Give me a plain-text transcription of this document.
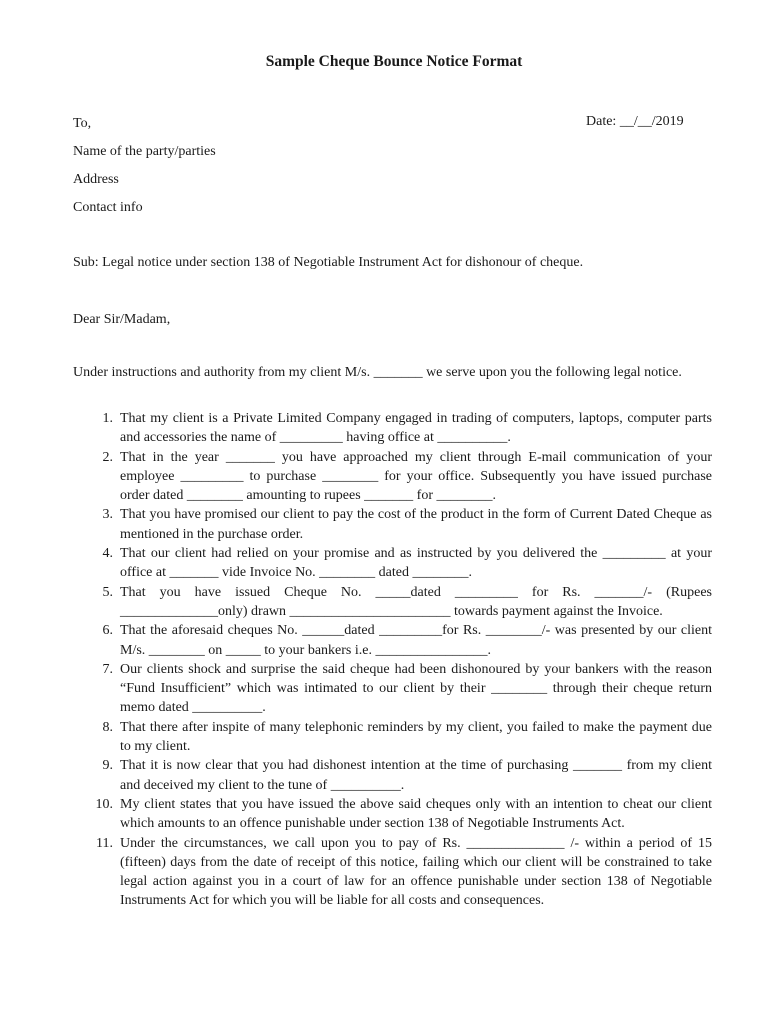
Sample Cheque Bounce Notice Format
To,	Date: __/__/2019
Name of the party/parties
Address
Contact info
Sub: Legal notice under section 138 of Negotiable Instrument Act for dishonour of cheque.
Dear Sir/Madam,
Under instructions and authority from my client M/s. _______ we serve upon you the following legal notice.
1. That my client is a Private Limited Company engaged in trading of computers, laptops, computer parts and accessories the name of _________ having office at __________.
2. That in the year _______ you have approached my client through E-mail communication of your employee _________ to purchase ________ for your office. Subsequently you have issued purchase order dated ________ amounting to rupees _______ for ________.
3. That you have promised our client to pay the cost of the product in the form of Current Dated Cheque as mentioned in the purchase order.
4. That our client had relied on your promise and as instructed by you delivered the _________ at your office at _______ vide Invoice No. ________ dated ________.
5. That you have issued Cheque No. _____dated _________ for Rs. _______/- (Rupees ______________only) drawn _______________________ towards payment against the Invoice.
6. That the aforesaid cheques No. ______dated _________for Rs. ________/- was presented by our client M/s. ________ on _____ to your bankers i.e. ________________.
7. Our clients shock and surprise the said cheque had been dishonoured by your bankers with the reason “Fund Insufficient” which was intimated to our client by their ________ through their cheque return memo dated __________.
8. That there after inspite of many telephonic reminders by my client, you failed to make the payment due to my client.
9. That it is now clear that you had dishonest intention at the time of purchasing _______ from my client and deceived my client to the tune of __________.
10. My client states that you have issued the above said cheques only with an intention to cheat our client which amounts to an offence punishable under section 138 of Negotiable Instruments Act.
11. Under the circumstances, we call upon you to pay of Rs. ______________ /- within a period of 15 (fifteen) days from the date of receipt of this notice, failing which our client will be constrained to take legal action against you in a court of law for an offence punishable under section 138 of Negotiable Instruments Act for which you will be liable for all costs and consequences.
